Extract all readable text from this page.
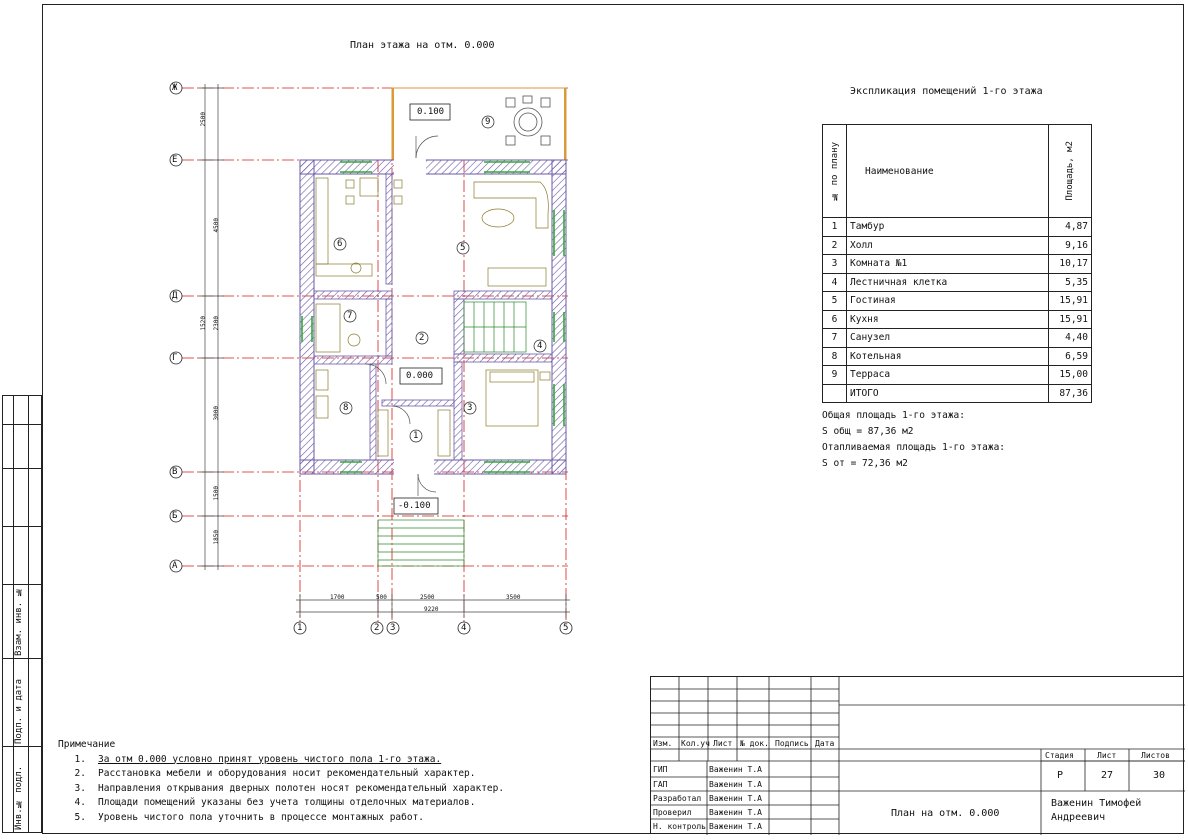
Взам. инв. №
Подп. и дата
Инв.№ подл.
План этажа на отм. 0.000
Ж
Е
Д
Г
В
Б
А
1	2 3	4	5
2500
4500
1520	2300
3000
1500
1850
1700	500	2500	3500
9220
1
2
3
4
5
6
7
8
9
0.100
0.000
-0.100
Экспликация помещений 1-го этажа
№ по плану	Наименование	Площадь, м2

1	Тамбур	4,87
2	Холл	9,16
3	Комната №1	10,17
4	Лестничная клетка	5,35
5	Гостиная	15,91
6	Кухня	15,91
7	Санузел	4,40
8	Котельная	6,59
9	Терраса	15,00
	ИТОГО	87,36
Общая площадь 1-го этажа:
S общ = 87,36 м2
Отапливаемая площадь 1-го этажа:
S от = 72,36 м2
Примечание
1.	За отм 0.000 условно принят уровень чистого пола 1-го этажа.
2.	Расстановка мебели и оборудования носит рекомендательный характер.
3.	Направления открывания дверных полотен носят рекомендательный характер.
4.	Площади помещений указаны без учета толщины отделочных материалов.
5.	Уровень чистого пола уточнить в процессе монтажных работ.
Изм. Кол.уч Лист № док. Подпись Дата
ГИП	Важенин Т.А
ГАП	Важенин Т.А
Разработал Важенин Т.А
Проверил Важенин Т.А
Н. контроль Важенин Т.А
Стадия	Лист	Листов
Р	27	30
План на отм. 0.000
Важенин Тимофей Андреевич
